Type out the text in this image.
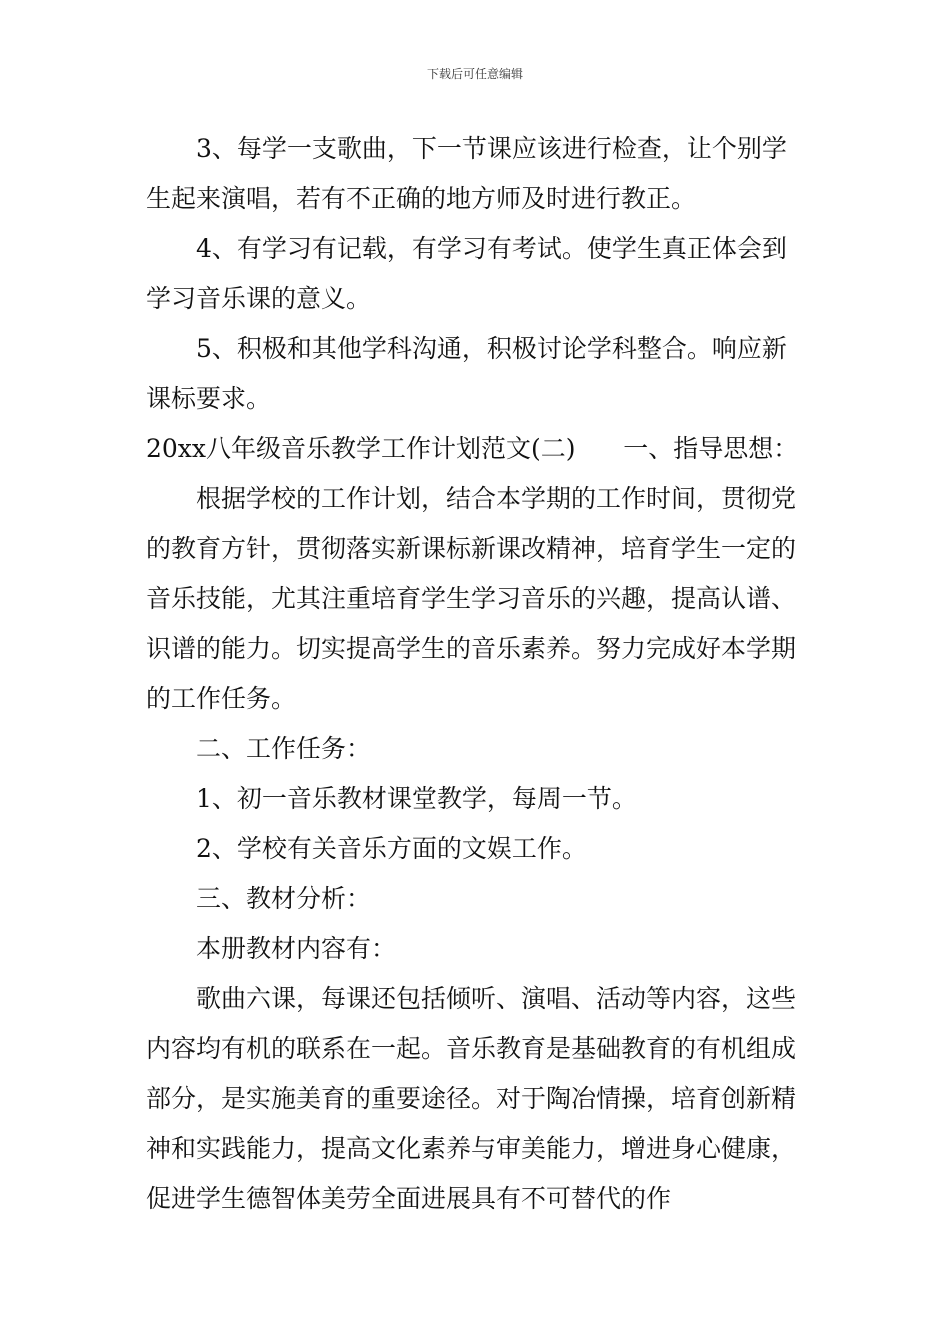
下载后可任意编辑

3、每学一支歌曲，下一节课应该进行检查，让个别学生起来演唱，若有不正确的地方师及时进行教正。

4、有学习有记载，有学习有考试。使学生真正体会到学习音乐课的意义。

5、积极和其他学科沟通，积极讨论学科整合。响应新课标要求。

20xx八年级音乐教学工作计划范文(二)      一、指导思想：

根据学校的工作计划，结合本学期的工作时间，贯彻党的教育方针，贯彻落实新课标新课改精神，培育学生一定的音乐技能，尤其注重培育学生学习音乐的兴趣，提高认谱、识谱的能力。切实提高学生的音乐素养。努力完成好本学期的工作任务。

二、工作任务：

1、初一音乐教材课堂教学，每周一节。

2、学校有关音乐方面的文娱工作。

三、教材分析：

本册教材内容有：

歌曲六课，每课还包括倾听、演唱、活动等内容，这些内容均有机的联系在一起。音乐教育是基础教育的有机组成部分，是实施美育的重要途径。对于陶冶情操，培育创新精神和实践能力，提高文化素养与审美能力，增进身心健康，促进学生德智体美劳全面进展具有不可替代的作
